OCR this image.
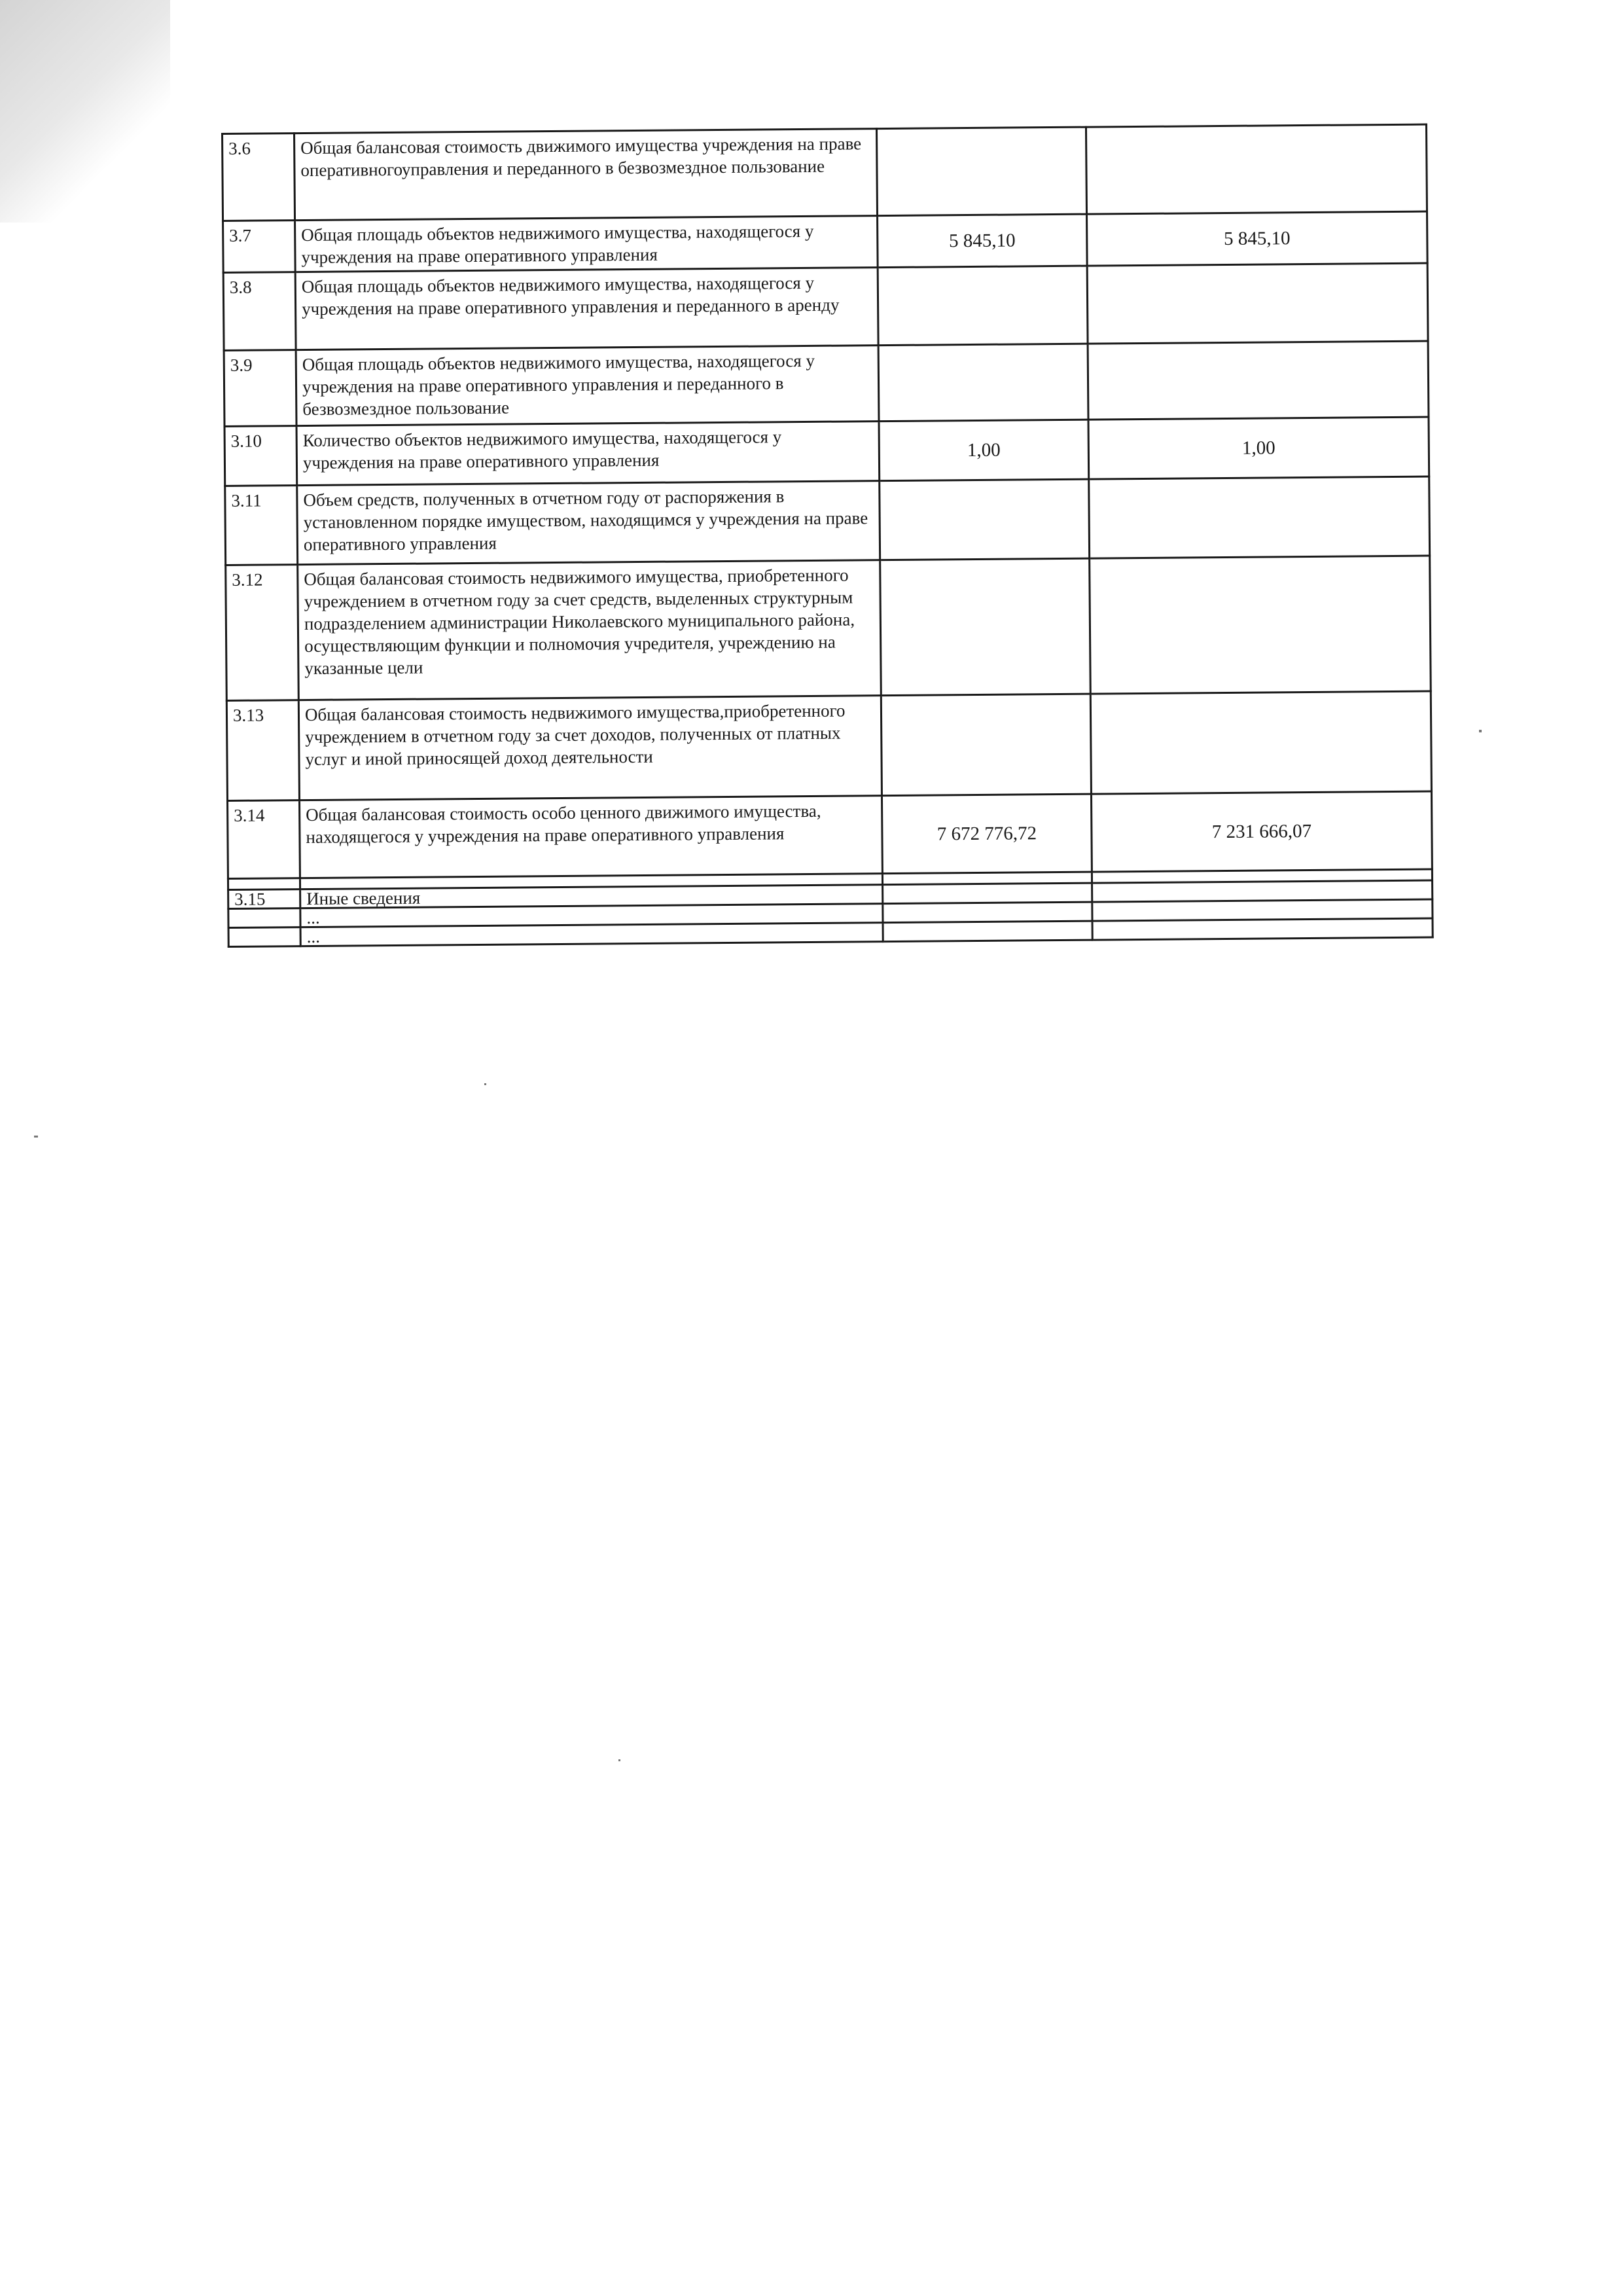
3.6	Общая балансовая стоимость движимого имущества учреждения на праве оперативногоуправления и переданного в безвозмездное пользование		
3.7	Общая площадь объектов недвижимого имущества, находящегося у учреждения на праве оперативного управления	5 845,10	5 845,10
3.8	Общая площадь объектов недвижимого имущества, находящегося у учреждения на праве оперативного управления и переданного в аренду		
3.9	Общая площадь объектов недвижимого имущества, находящегося у учреждения на праве оперативного управления и переданного в безвозмездное пользование		
3.10	Количество объектов недвижимого имущества, находящегося у учреждения на праве оперативного управления	1,00	1,00
3.11	Объем средств, полученных в отчетном году от распоряжения в установленном порядке имуществом, находящимся у учреждения на праве оперативного управления		
3.12	Общая балансовая стоимость недвижимого имущества, приобретенного учреждением в отчетном году за счет средств, выделенных структурным подразделением администрации Николаевского муниципального района, осуществляющим функции и полномочия учредителя, учреждению на указанные цели		
3.13	Общая балансовая стоимость недвижимого имущества,приобретенного учреждением в отчетном году за счет доходов, полученных от платных услуг и иной приносящей доход деятельности		
3.14	Общая балансовая стоимость особо ценного движимого имущества, находящегося у учреждения на праве оперативного управления	7 672 776,72	7 231 666,07

3.15	Иные сведения		
	...		
	...		
